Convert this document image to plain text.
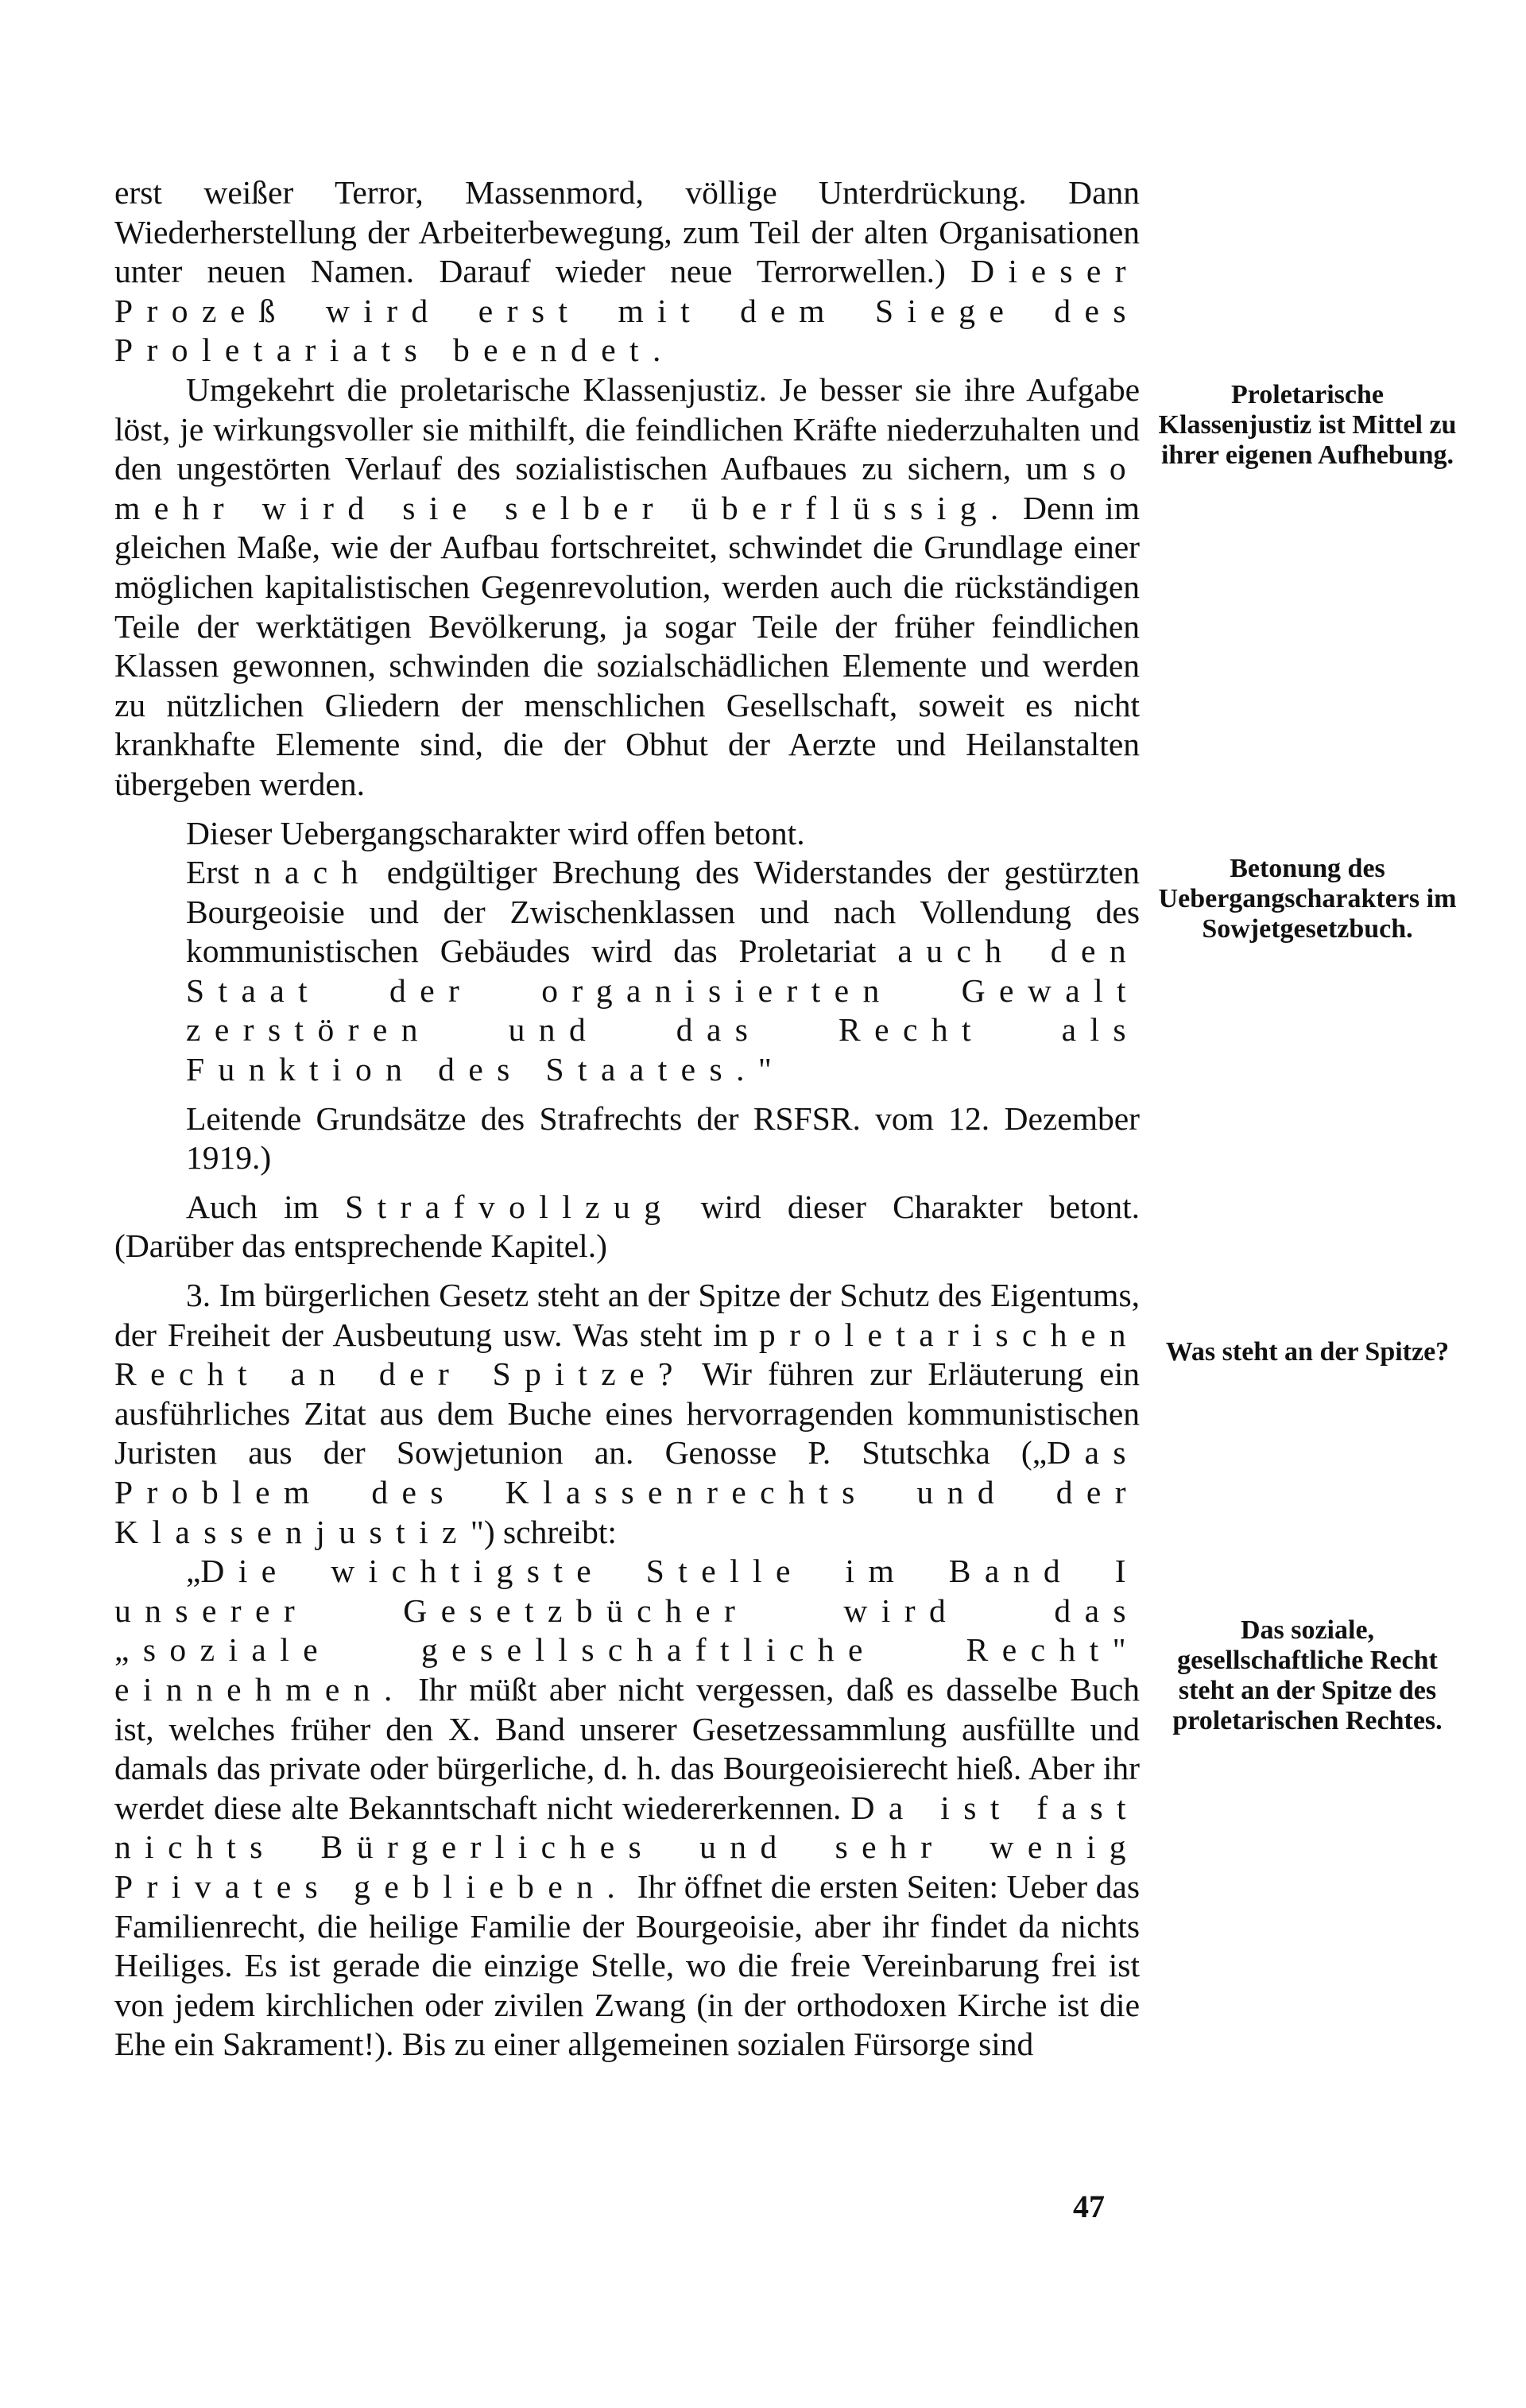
erst weißer Terror, Massenmord, völlige Unterdrückung. Dann Wiederherstellung der Arbeiterbewegung, zum Teil der alten Organisationen unter neuen Namen. Darauf wieder neue Terrorwellen.) Dieser Prozeß wird erst mit dem Siege des Proletariats beendet.

Umgekehrt die proletarische Klassenjustiz. Je besser sie ihre Aufgabe löst, je wirkungsvoller sie mithilft, die feindlichen Kräfte niederzuhalten und den ungestörten Verlauf des sozialistischen Aufbaues zu sichern, um so mehr wird sie selber überflüssig. Denn im gleichen Maße, wie der Aufbau fortschreitet, schwindet die Grundlage einer möglichen kapitalistischen Gegenrevolution, werden auch die rückständigen Teile der werktätigen Bevölkerung, ja sogar Teile der früher feindlichen Klassen gewonnen, schwinden die sozialschädlichen Elemente und werden zu nützlichen Gliedern der menschlichen Gesellschaft, soweit es nicht krankhafte Elemente sind, die der Obhut der Aerzte und Heilanstalten übergeben werden.

Dieser Uebergangscharakter wird offen betont.

Erst nach endgültiger Brechung des Widerstandes der gestürzten Bourgeoisie und der Zwischenklassen und nach Vollendung des kommunistischen Gebäudes wird das Proletariat auch den Staat der organisierten Gewalt zerstören und das Recht als Funktion des Staates."

Leitende Grundsätze des Strafrechts der RSFSR. vom 12. Dezember 1919.)

Auch im Strafvollzug wird dieser Charakter betont. (Darüber das entsprechende Kapitel.)

3. Im bürgerlichen Gesetz steht an der Spitze der Schutz des Eigentums, der Freiheit der Ausbeutung usw. Was steht im proletarischen Recht an der Spitze? Wir führen zur Erläuterung ein ausführliches Zitat aus dem Buche eines hervorragenden kommunistischen Juristen aus der Sowjetunion an. Genosse P. Stutschka („Das Problem des Klassenrechts und der Klassenjustiz") schreibt:

„Die wichtigste Stelle im Band I unserer Gesetzbücher wird das „soziale gesellschaftliche Recht" einnehmen. Ihr müßt aber nicht vergessen, daß es dasselbe Buch ist, welches früher den X. Band unserer Gesetzessammlung ausfüllte und damals das private oder bürgerliche, d. h. das Bourgeoisierecht hieß. Aber ihr werdet diese alte Bekanntschaft nicht wiedererkennen. Da ist fast nichts Bürgerliches und sehr wenig Privates geblieben. Ihr öffnet die ersten Seiten: Ueber das Familienrecht, die heilige Familie der Bourgeoisie, aber ihr findet da nichts Heiliges. Es ist gerade die einzige Stelle, wo die freie Vereinbarung frei ist von jedem kirchlichen oder zivilen Zwang (in der orthodoxen Kirche ist die Ehe ein Sakrament!). Bis zu einer allgemeinen sozialen Fürsorge sind

Proletarische Klassenjustiz ist Mittel zu ihrer eigenen Aufhebung.
Betonung des Uebergangscharakters im Sowjetgesetzbuch.
Was steht an der Spitze?
Das soziale, gesellschaftliche Recht steht an der Spitze des proletarischen Rechtes.
47
